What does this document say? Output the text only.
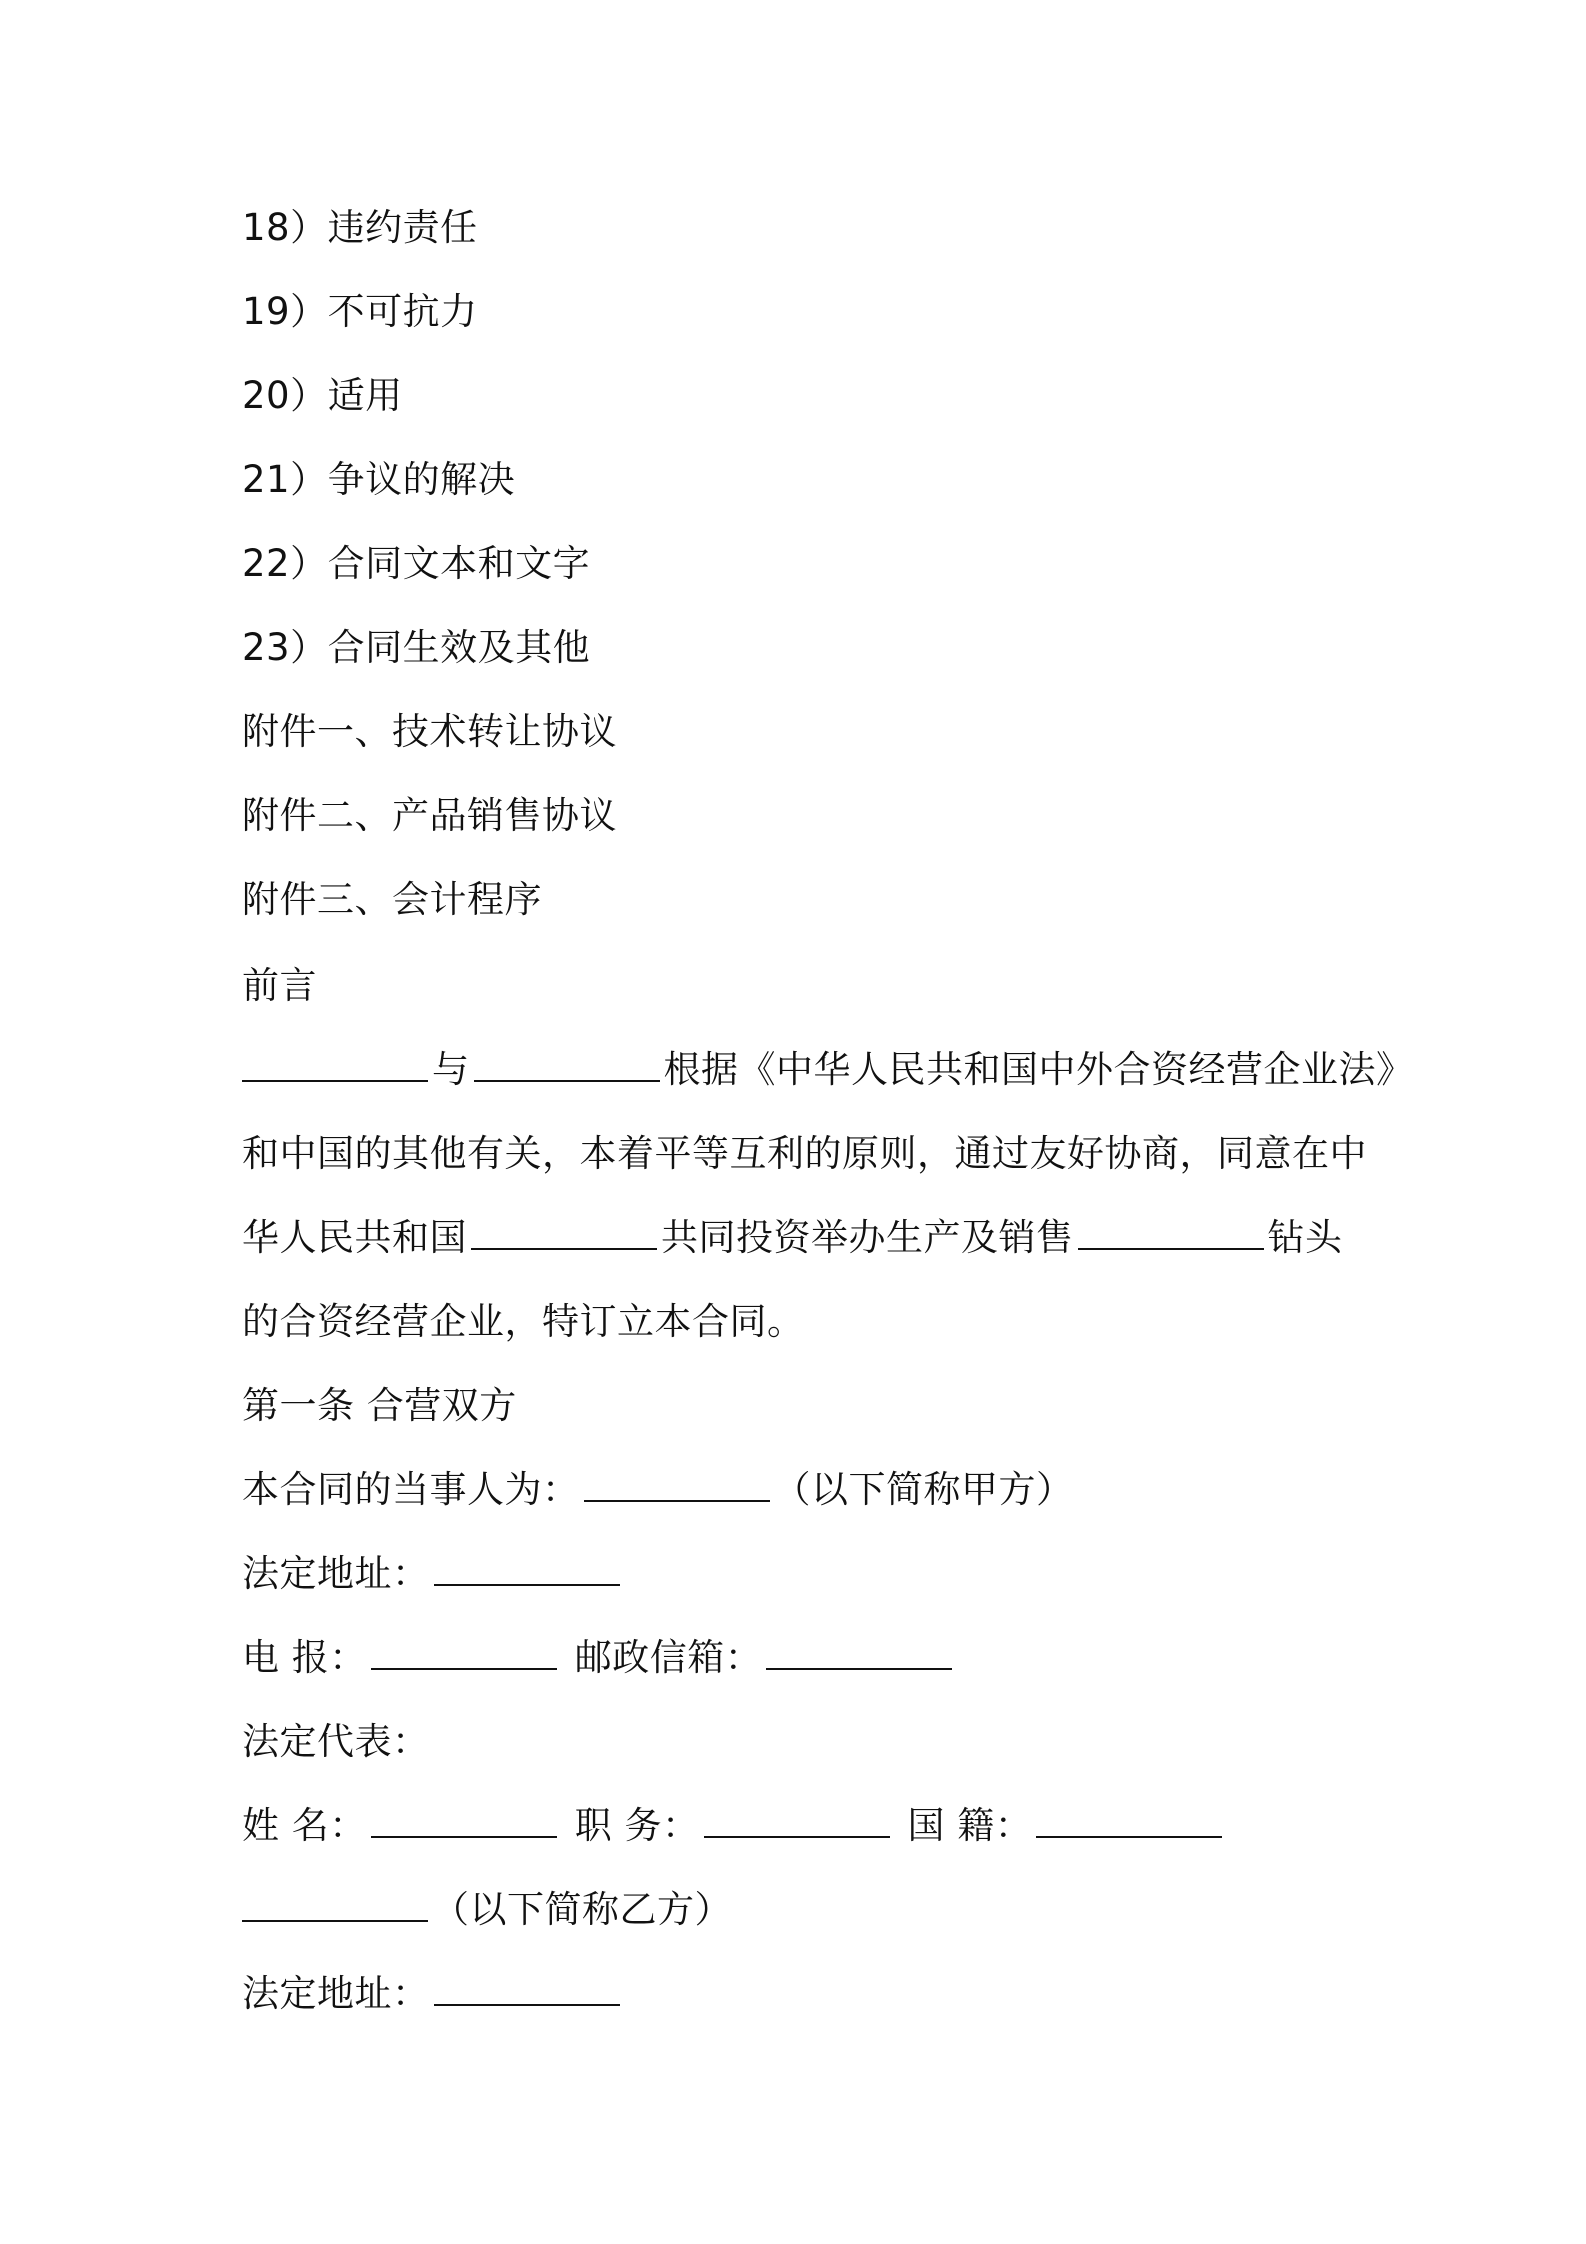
18）违约责任
19）不可抗力
20）适用
21）争议的解决
22）合同文本和文字
23）合同生效及其他
附件一、技术转让协议
附件二、产品销售协议
附件三、会计程序
前言
与	根据《中华人民共和国中外合资经营企业法》
和中国的其他有关，本着平等互利的原则，通过友好协商，同意在中
华人民共和国	共同投资举办生产及销售	钻头
的合资经营企业，特订立本合同。
第一条 合营双方
本合同的当事人为：	（以下简称甲方）
法定地址：
电 报：	邮政信箱：
法定代表：
姓 名：	职 务：	国 籍：
（以下简称乙方）
法定地址：
